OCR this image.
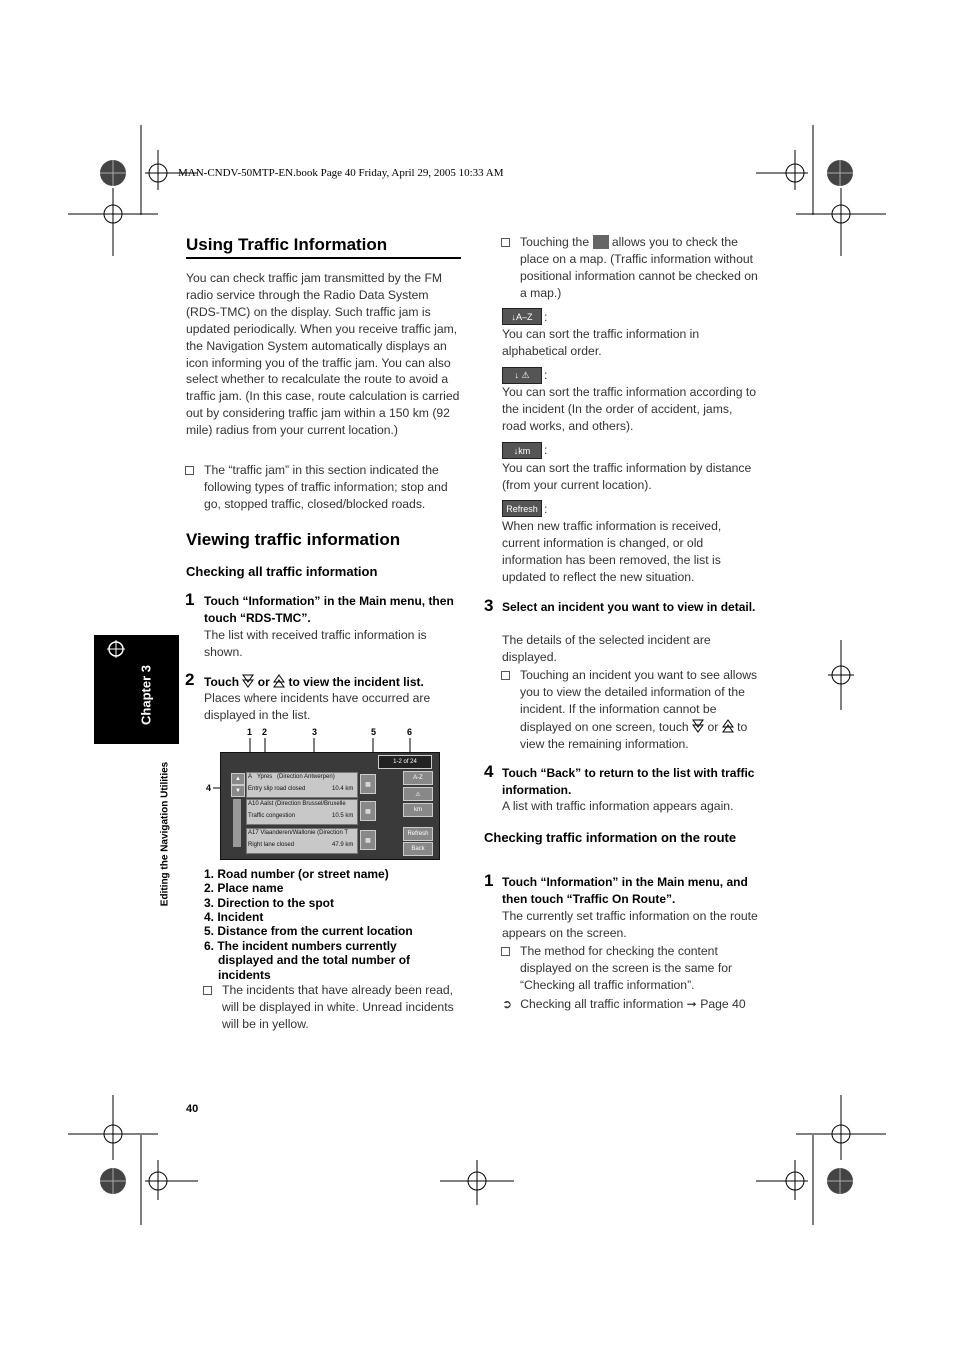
MAN-CNDV-50MTP-EN.book Page 40 Friday, April 29, 2005 10:33 AM
Chapter 3
Editing the Navigation Utilities
Using Traffic Information
You can check traffic jam transmitted by the FM radio service through the Radio Data System (RDS-TMC) on the display. Such traffic jam is updated periodically. When you receive traffic jam, the Navigation System automatically displays an icon informing you of the traffic jam. You can also select whether to recalculate the route to avoid a traffic jam. (In this case, route calculation is carried out by considering traffic jam within a 150 km (92 mile) radius from your current location.)
The “traffic jam” in this section indicated the following types of traffic information; stop and go, stopped traffic, closed/blocked roads.
Viewing traffic information
Checking all traffic information
1 Touch “Information” in the Main menu, then touch “RDS-TMC”.
The list with received traffic information is shown.
2 Touch or to view the incident list.
Places where incidents have occurred are displayed in the list.
1 2	3	5	6
4
1-2 of 24
▲
▼
A Ypres (Direction Antwerpen)
Entry slip road closed	10.4 km
▦
A10 Aalst (Direction Brussel/Bruxelle
Traffic congestion	10.5 km
▦
A17 Vlaanderen/Wallonie (Direction T
Right lane closed	47.9 km
▦
A-Z
⚠
km
Refresh
Back
1. Road number (or street name)
2. Place name
3. Direction to the spot
4. Incident
5. Distance from the current location
6. The incident numbers currently
displayed and the total number of
incidents
The incidents that have already been read, will be displayed in white. Unread incidents will be in yellow.
40
Touching the allows you to check the place on a map. (Traffic information without positional information cannot be checked on a map.)
↓ A–Z :
You can sort the traffic information in alphabetical order.
↓ ⚠	:
You can sort the traffic information according to the incident (In the order of accident, jams, road works, and others).
↓ km :
You can sort the traffic information by distance (from your current location).
Refresh :
When new traffic information is received, current information is changed, or old information has been removed, the list is updated to reflect the new situation.
3 Select an incident you want to view in detail.
The details of the selected incident are displayed.
Touching an incident you want to see allows you to view the detailed information of the incident. If the information cannot be displayed on one screen, touch or to view the remaining information.
4 Touch “Back” to return to the list with traffic information.
A list with traffic information appears again.
Checking traffic information on the route
1 Touch “Information” in the Main menu, and then touch “Traffic On Route”.
The currently set traffic information on the route appears on the screen.
The method for checking the content displayed on the screen is the same for “Checking all traffic information”.
➲ Checking all traffic information ➞ Page 40
